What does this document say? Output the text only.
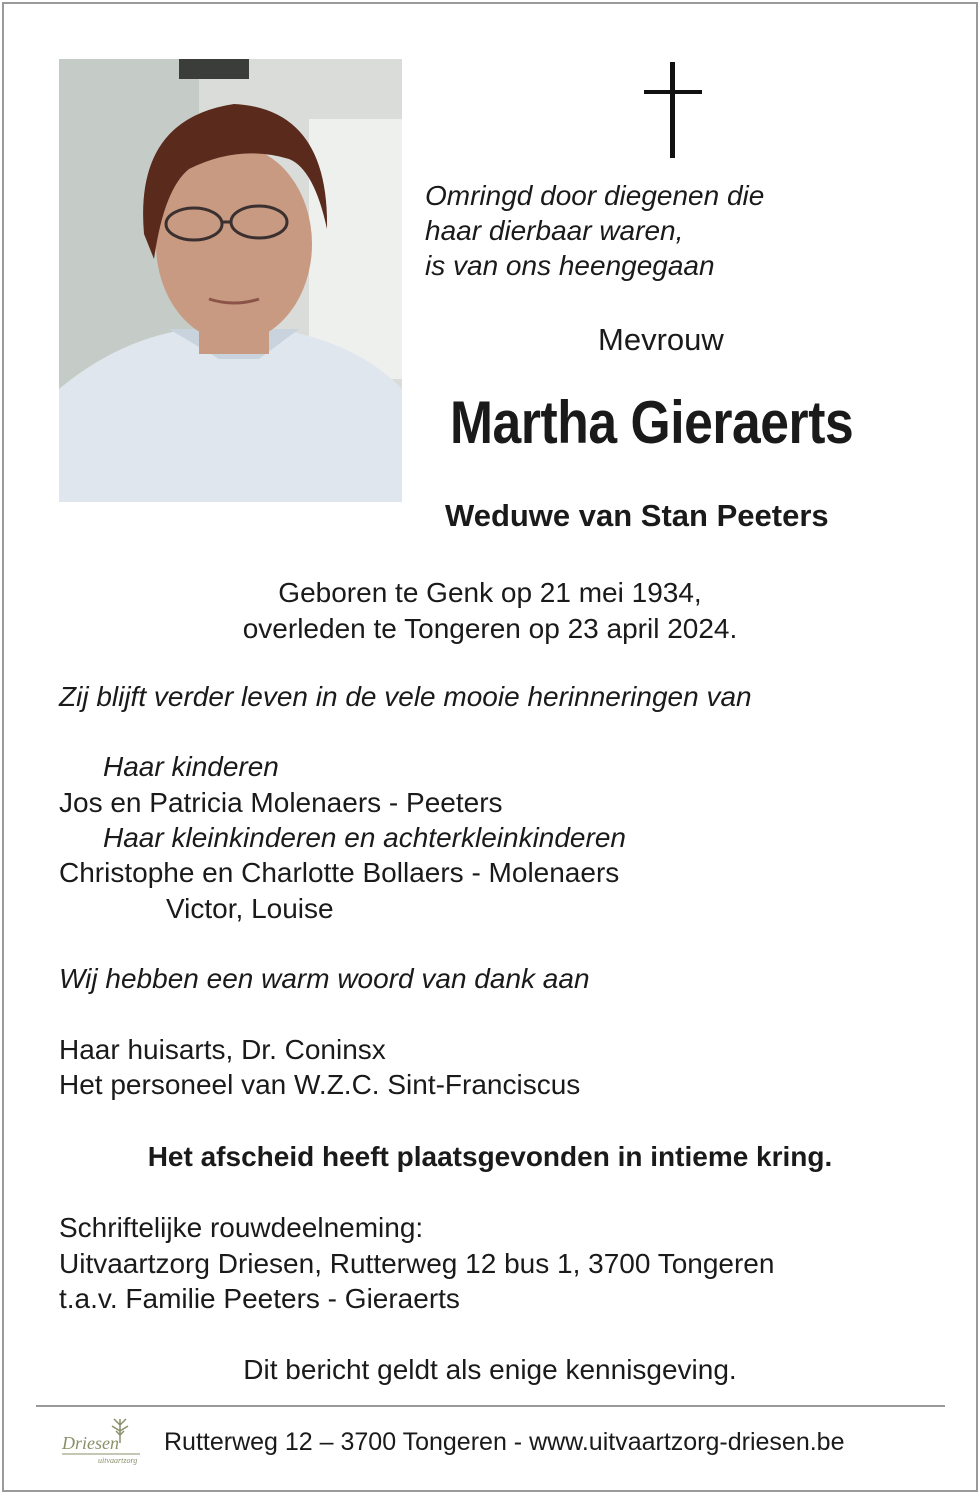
Omringd door diegenen die
haar dierbaar waren,
is van ons heengegaan
Mevrouw
Martha Gieraerts
Weduwe van Stan Peeters
Geboren te Genk op 21 mei 1934,
overleden te Tongeren op 23 april 2024.
Zij blijft verder leven in de vele mooie herinneringen van
Haar kinderen
Jos en Patricia Molenaers - Peeters
Haar kleinkinderen en achterkleinkinderen
Christophe en Charlotte Bollaers - Molenaers
Victor, Louise
Wij hebben een warm woord van dank aan
Haar huisarts, Dr. Coninsx
Het personeel van W.Z.C. Sint-Franciscus
Het afscheid heeft plaatsgevonden in intieme kring.
Schriftelijke rouwdeelneming:
Uitvaartzorg Driesen, Rutterweg 12 bus 1, 3700 Tongeren
t.a.v. Familie Peeters - Gieraerts
Dit bericht geldt als enige kennisgeving.
Driesen
uitvaartzorg
Rutterweg 12 – 3700 Tongeren - www.uitvaartzorg-driesen.be
